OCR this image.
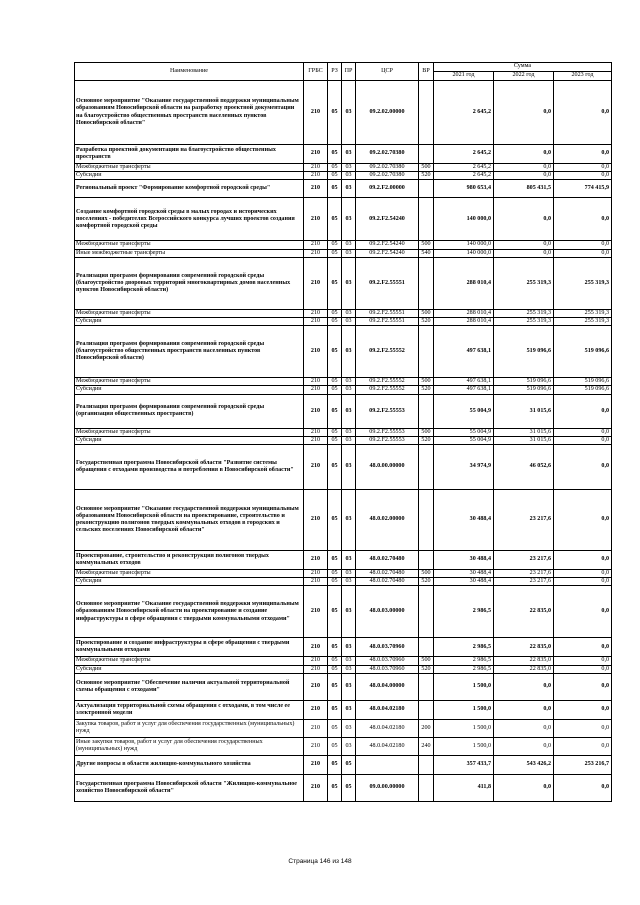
Наименование	ГРБС	РЗ	ПР	ЦСР	ВР	Сумма		
						2021 год	2022 год	2023 год
Основное мероприятие "Оказание государственной поддержки муниципальным образованиям Новосибирской области на разработку проектной документации на благоустройство общественных пространств населенных пунктов Новосибирской области"	210	05	03	09.2.02.00000		2 645,2	0,0	0,0
Разработка проектной документации на благоустройство общественных пространств	210	05	03	09.2.02.70380		2 645,2	0,0	0,0
Межбюджетные трансферты	210	05	03	09.2.02.70380	500	2 645,2	0,0	0,0
Субсидии	210	05	03	09.2.02.70380	520	2 645,2	0,0	0,0
Региональный проект "Формирование комфортной городской среды"	210	05	03	09.2.F2.00000		980 653,4	805 431,5	774 415,9
Создание комфортной городской среды в малых городах и исторических поселениях - победителях Всероссийского конкурса лучших проектов создания комфортной городской среды	210	05	03	09.2.F2.54240		140 000,0	0,0	0,0
Межбюджетные трансферты	210	05	03	09.2.F2.54240	500	140 000,0	0,0	0,0
Иные межбюджетные трансферты	210	05	03	09.2.F2.54240	540	140 000,0	0,0	0,0
Реализация программ формирования современной городской среды (благоустройство дворовых территорий многоквартирных домов населенных пунктов Новосибирской области)	210	05	03	09.2.F2.55551		288 010,4	255 319,3	255 319,3
Межбюджетные трансферты	210	05	03	09.2.F2.55551	500	288 010,4	255 319,3	255 319,3
Субсидии	210	05	03	09.2.F2.55551	520	288 010,4	255 319,3	255 319,3
Реализация программ формирования современной городской среды (благоустройство общественных пространств населенных пунктов Новосибирской области)	210	05	03	09.2.F2.55552		497 638,1	519 096,6	519 096,6
Межбюджетные трансферты	210	05	03	09.2.F2.55552	500	497 638,1	519 096,6	519 096,6
Субсидии	210	05	03	09.2.F2.55552	520	497 638,1	519 096,6	519 096,6
Реализация программ формирования современной городской среды (организация общественных пространств)	210	05	03	09.2.F2.55553		55 004,9	31 015,6	0,0
Межбюджетные трансферты	210	05	03	09.2.F2.55553	500	55 004,9	31 015,6	0,0
Субсидии	210	05	03	09.2.F2.55553	520	55 004,9	31 015,6	0,0
Государственная программа Новосибирской области "Развитие системы обращения с отходами производства и потребления в Новосибирской области"	210	05	03	48.0.00.00000		34 974,9	46 052,6	0,0
Основное мероприятие "Оказание государственной поддержки муниципальным образованиям Новосибирской области на проектирование, строительство и реконструкцию полигонов твердых коммунальных отходов в городских и сельских поселениях Новосибирской области"	210	05	03	48.0.02.00000		30 488,4	23 217,6	0,0
Проектирование, строительство и реконструкция полигонов твердых коммунальных отходов	210	05	03	48.0.02.70480		30 488,4	23 217,6	0,0
Межбюджетные трансферты	210	05	03	48.0.02.70480	500	30 488,4	23 217,6	0,0
Субсидии	210	05	03	48.0.02.70480	520	30 488,4	23 217,6	0,0
Основное мероприятие "Оказание государственной поддержки муниципальным образованиям Новосибирской области на проектирование и создание инфраструктуры в сфере обращения с твердыми коммунальными отходами"	210	05	03	48.0.03.00000		2 986,5	22 835,0	0,0
Проектирование и создание инфраструктуры в сфере обращения с твердыми коммунальными отходами	210	05	03	48.0.03.70960		2 986,5	22 835,0	0,0
Межбюджетные трансферты	210	05	03	48.0.03.70960	500	2 986,5	22 835,0	0,0
Субсидии	210	05	03	48.0.03.70960	520	2 986,5	22 835,0	0,0
Основное мероприятие "Обеспечение наличия актуальной территориальной схемы обращения с отходами"	210	05	03	48.0.04.00000		1 500,0	0,0	0,0
Актуализация территориальной схемы обращения с отходами, в том числе ее электронной модели	210	05	03	48.0.04.02180		1 500,0	0,0	0,0
Закупка товаров, работ и услуг для обеспечения государственных (муниципальных) нужд	210	05	03	48.0.04.02180	200	1 500,0	0,0	0,0
Иные закупки товаров, работ и услуг для обеспечения государственных (муниципальных) нужд	210	05	03	48.0.04.02180	240	1 500,0	0,0	0,0
Другие вопросы в области жилищно-коммунального хозяйства	210	05	05			357 433,7	543 426,2	253 216,7
Государственная программа Новосибирской области "Жилищно-коммунальное хозяйство Новосибирской области"	210	05	05	09.0.00.00000		411,8	0,0	0,0
Страница 146 из 148
